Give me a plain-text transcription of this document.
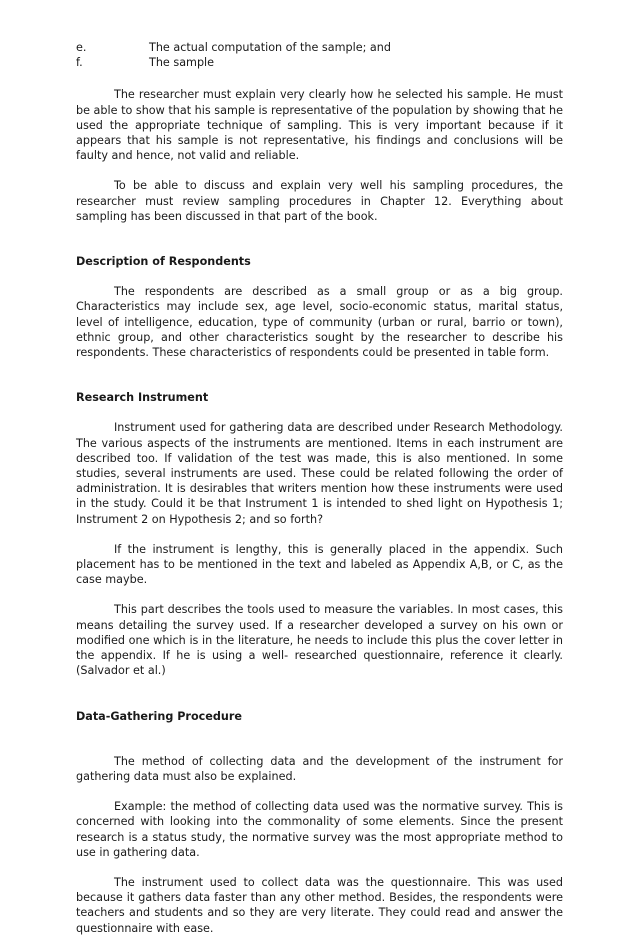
e.	The actual computation of the sample; and
f.	The sample

The researcher must explain very clearly how he selected his sample. He must be able to show that his sample is representative of the population by showing that he used the appropriate technique of sampling. This is very important because if it appears that his sample is not representative, his findings and conclusions will be faulty and hence, not valid and reliable.

To be able to discuss and explain very well his sampling procedures, the researcher must review sampling procedures in Chapter 12. Everything about sampling has been discussed in that part of the book.

Description of Respondents

The respondents are described as a small group or as a big group. Characteristics may include sex, age level, socio-economic status, marital status, level of intelligence, education, type of community (urban or rural, barrio or town), ethnic group, and other characteristics sought by the researcher to describe his respondents. These characteristics of respondents could be presented in table form.

Research Instrument

Instrument used for gathering data are described under Research Methodology. The various aspects of the instruments are mentioned. Items in each instrument are described too. If validation of the test was made, this is also mentioned. In some studies, several instruments are used. These could be related following the order of administration. It is desirables that writers mention how these instruments were used in the study. Could it be that Instrument 1 is intended to shed light on Hypothesis 1; Instrument 2 on Hypothesis 2; and so forth?

If the instrument is lengthy, this is generally placed in the appendix. Such placement has to be mentioned in the text and labeled as Appendix A,B, or C, as the case maybe.

This part describes the tools used to measure the variables. In most cases, this means detailing the survey used. If a researcher developed a survey on his own or modified one which is in the literature, he needs to include this plus the cover letter in the appendix. If he is using a well- researched questionnaire, reference it clearly. (Salvador et al.)

Data-Gathering Procedure

The method of collecting data and the development of the instrument for gathering data must also be explained.

Example: the method of collecting data used was the normative survey. This is concerned with looking into the commonality of some elements. Since the present research is a status study, the normative survey was the most appropriate method to use in gathering data.

The instrument used to collect data was the questionnaire. This was used because it gathers data faster than any other method. Besides, the respondents were teachers and students and so they are very literate. They could read and answer the questionnaire with ease.
